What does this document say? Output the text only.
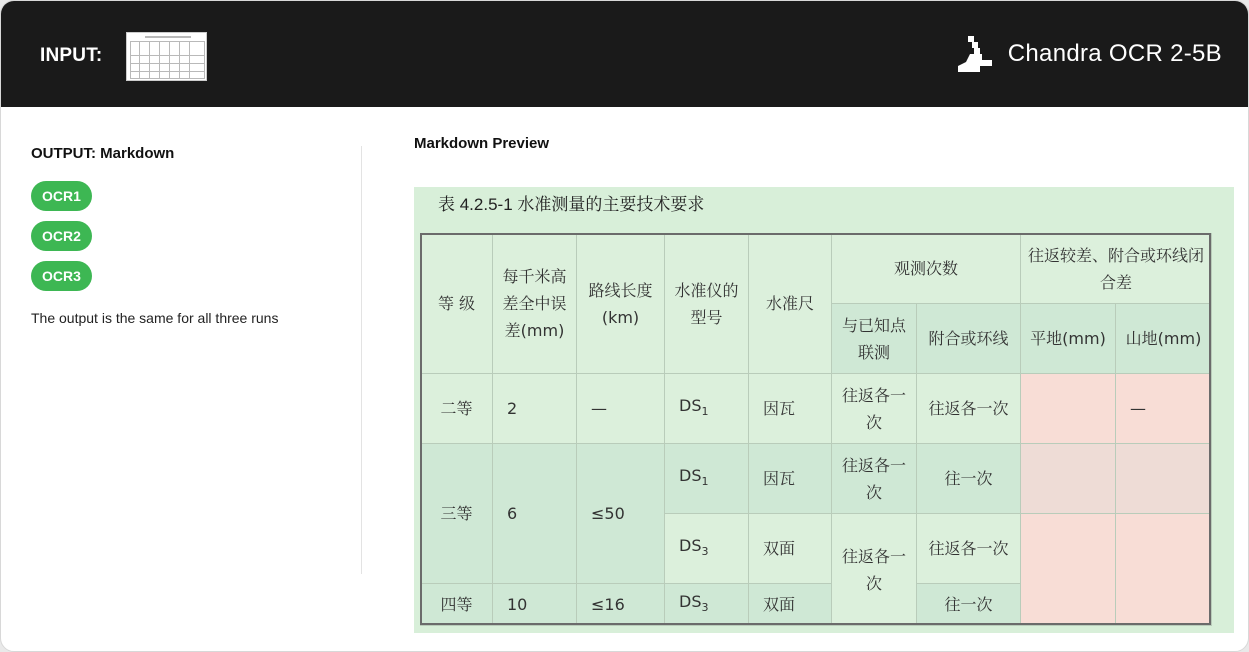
INPUT:	Chandra OCR 2-5B
OUTPUT: Markdown
OCR1
OCR2
OCR3
The output is the same for all three runs
Markdown Preview
表 4.2.5-1 水准测量的主要技术要求
等 级	每千米高差全中误差(mm)	路线长度(km)	水准仪的型号	水准尺	观测次数		往返较差、附合或环线闭合差	
					与已知点联测	附合或环线	平地(mm)	山地(mm)
二等	2	—	$DS_1$	因瓦	往返各一 次	往返各一次		—
三等	6	≤50	$DS_1$	因瓦	往返各一 次	往一次		
			$DS_3$	双面	往返各一次	往返各一次		
四等	10	≤16	$DS_3$	双面		往一次		
